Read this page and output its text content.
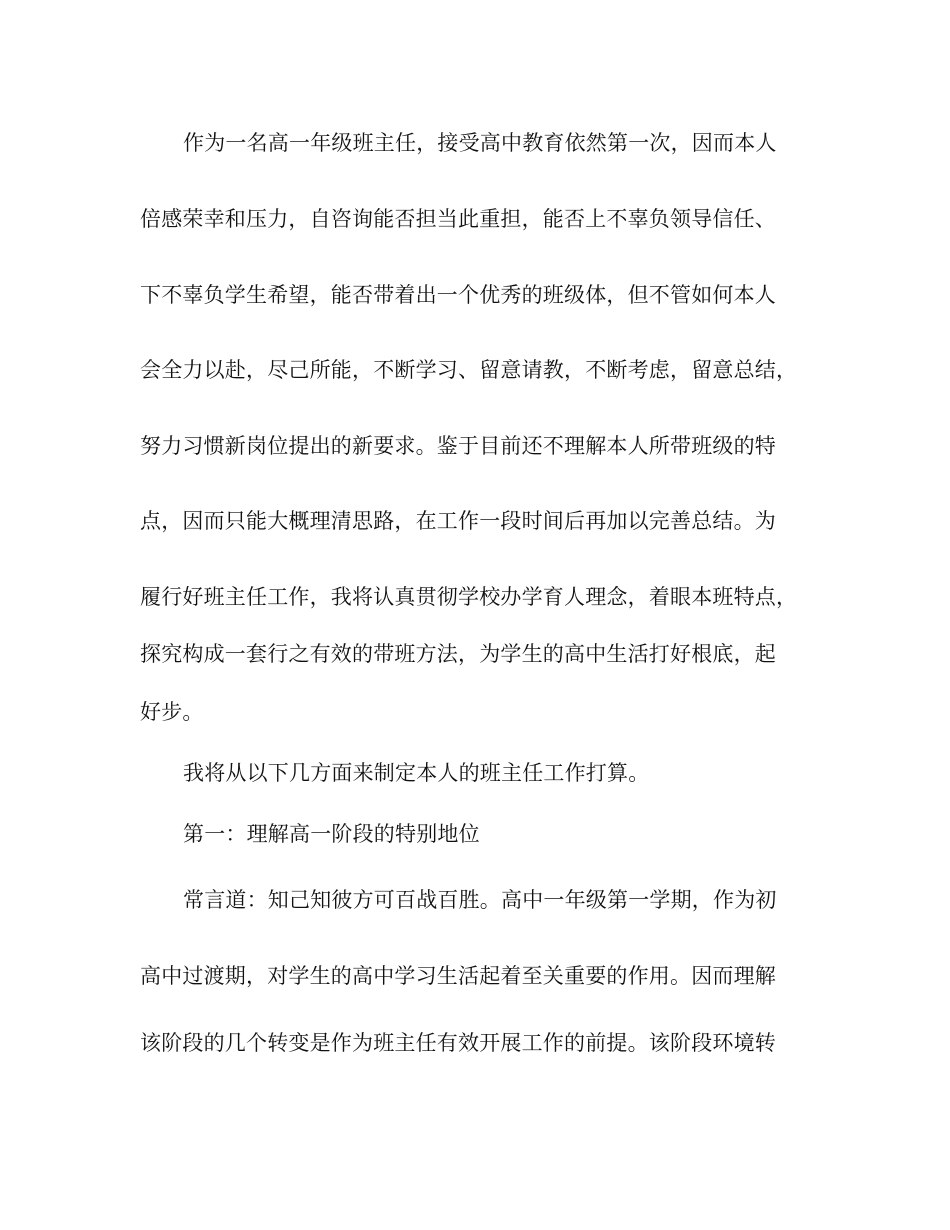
作为一名高一年级班主任，接受高中教育依然第一次，因而本人
倍感荣幸和压力，自咨询能否担当此重担，能否上不辜负领导信任、
下不辜负学生希望，能否带着出一个优秀的班级体，但不管如何本人
会全力以赴，尽己所能，不断学习、留意请教，不断考虑，留意总结，
努力习惯新岗位提出的新要求。鉴于目前还不理解本人所带班级的特
点，因而只能大概理清思路，在工作一段时间后再加以完善总结。为
履行好班主任工作，我将认真贯彻学校办学育人理念，着眼本班特点，
探究构成一套行之有效的带班方法，为学生的高中生活打好根底，起
好步。
我将从以下几方面来制定本人的班主任工作打算。
第一：理解高一阶段的特别地位
常言道：知己知彼方可百战百胜。高中一年级第一学期，作为初
高中过渡期，对学生的高中学习生活起着至关重要的作用。因而理解
该阶段的几个转变是作为班主任有效开展工作的前提。该阶段环境转
